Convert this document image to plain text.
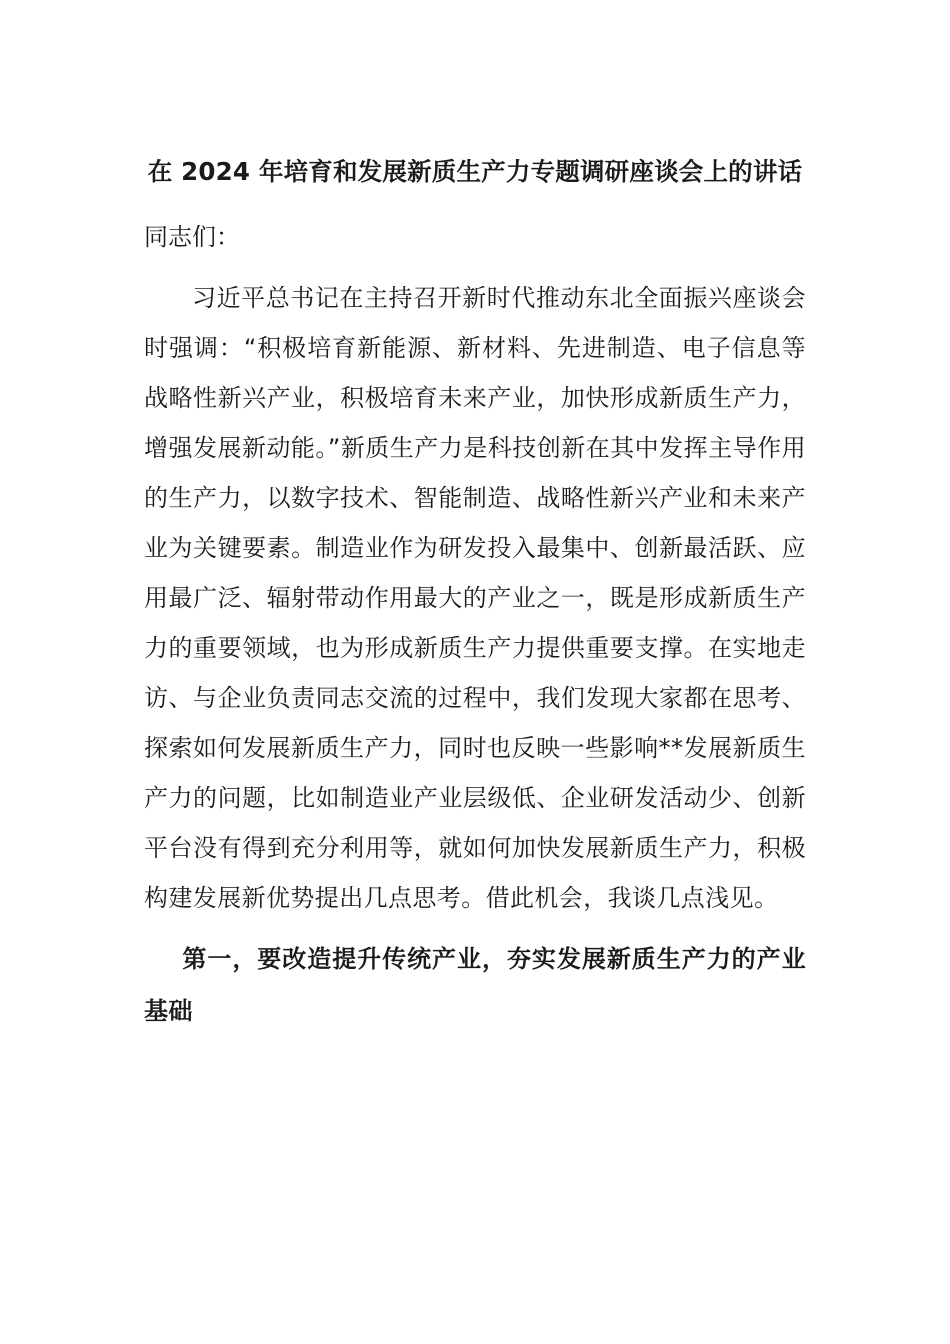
在 2024 年培育和发展新质生产力专题调研座谈会上的讲话
同志们：
习近平总书记在主持召开新时代推动东北全面振兴座谈会时强调：“积极培育新能源、新材料、先进制造、电子信息等战略性新兴产业，积极培育未来产业，加快形成新质生产力，增强发展新动能。”新质生产力是科技创新在其中发挥主导作用的生产力，以数字技术、智能制造、战略性新兴产业和未来产业为关键要素。制造业作为研发投入最集中、创新最活跃、应用最广泛、辐射带动作用最大的产业之一，既是形成新质生产力的重要领域，也为形成新质生产力提供重要支撑。在实地走访、与企业负责同志交流的过程中，我们发现大家都在思考、探索如何发展新质生产力，同时也反映一些影响**发展新质生产力的问题，比如制造业产业层级低、企业研发活动少、创新平台没有得到充分利用等，就如何加快发展新质生产力，积极构建发展新优势提出几点思考。借此机会，我谈几点浅见。
第一，要改造提升传统产业，夯实发展新质生产力的产业基础
